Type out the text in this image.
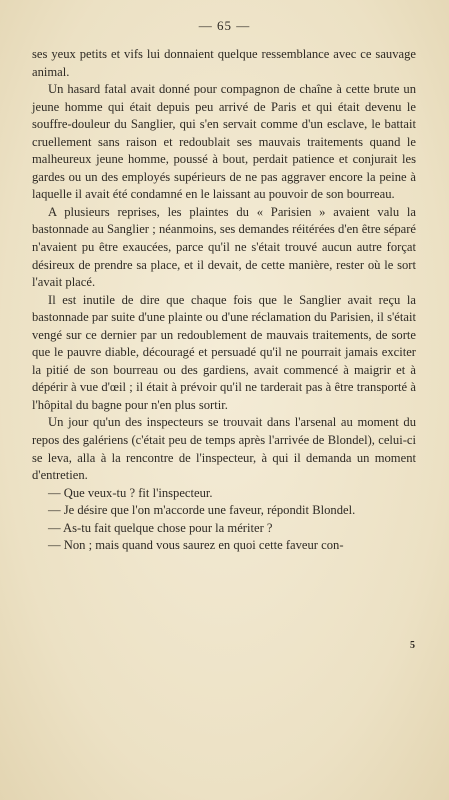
— 65 —

ses yeux petits et vifs lui donnaient quelque ressemblance avec ce sauvage animal.

Un hasard fatal avait donné pour compagnon de chaîne à cette brute un jeune homme qui était depuis peu arrivé de Paris et qui était devenu le souffre-douleur du Sanglier, qui s'en servait comme d'un esclave, le battait cruellement sans raison et redoublait ses mauvais traitements quand le malheureux jeune homme, poussé à bout, perdait patience et conjurait les gardes ou un des employés supérieurs de ne pas aggraver encore la peine à laquelle il avait été condamné en le laissant au pouvoir de son bourreau.

A plusieurs reprises, les plaintes du « Parisien » avaient valu la bastonnade au Sanglier ; néanmoins, ses demandes réitérées d'en être séparé n'avaient pu être exaucées, parce qu'il ne s'était trouvé aucun autre forçat désireux de prendre sa place, et il devait, de cette manière, rester où le sort l'avait placé.

Il est inutile de dire que chaque fois que le Sanglier avait reçu la bastonnade par suite d'une plainte ou d'une réclamation du Parisien, il s'était vengé sur ce dernier par un redoublement de mauvais traitements, de sorte que le pauvre diable, découragé et persuadé qu'il ne pourrait jamais exciter la pitié de son bourreau ou des gardiens, avait commencé à maigrir et à dépérir à vue d'œil ; il était à prévoir qu'il ne tarderait pas à être transporté à l'hôpital du bagne pour n'en plus sortir.

Un jour qu'un des inspecteurs se trouvait dans l'arsenal au moment du repos des galériens (c'était peu de temps après l'arrivée de Blondel), celui-ci se leva, alla à la rencontre de l'inspecteur, à qui il demanda un moment d'entretien.

— Que veux-tu ? fit l'inspecteur.

— Je désire que l'on m'accorde une faveur, répondit Blondel.

— As-tu fait quelque chose pour la mériter ?

— Non ; mais quand vous saurez en quoi cette faveur con-

5
